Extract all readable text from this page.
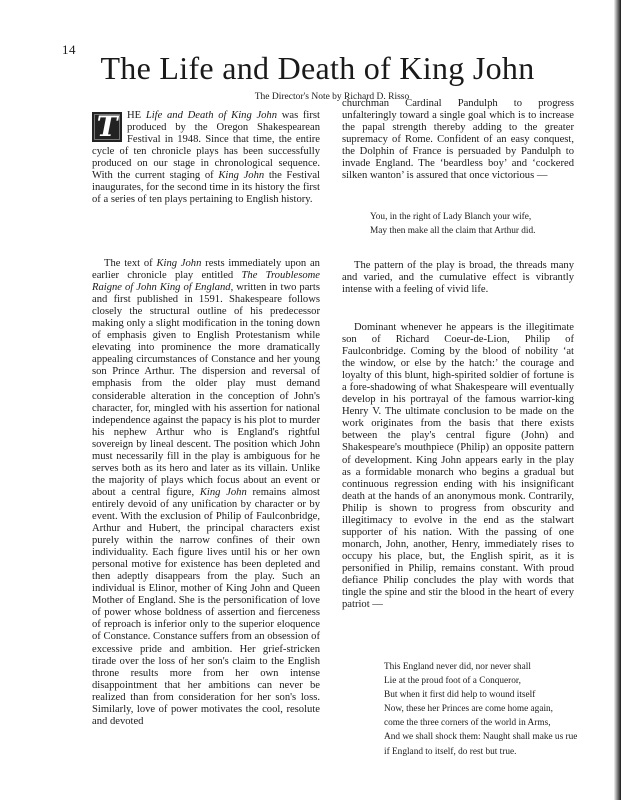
14
The Life and Death of King John
The Director's Note by Richard D. Risso

T HE Life and Death of King John was first produced by the Oregon Shakespearean Festival in 1948. Since that time, the entire cycle of ten chronicle plays has been successfully produced on our stage in chronological sequence. With the current staging of King John the Festival inaugurates, for the second time in its history the first of a series of ten plays pertaining to English history.

The text of King John rests immediately upon an earlier chronicle play entitled The Troublesome Raigne of John King of England, written in two parts and first published in 1591. Shakespeare follows closely the structural outline of his predecessor making only a slight modification in the toning down of emphasis given to English Protestanism while elevating into prominence the more dramatically appealing circumstances of Constance and her young son Prince Arthur. The dispersion and reversal of emphasis from the older play must demand considerable alteration in the conception of John's character, for, mingled with his assertion for national independence against the papacy is his plot to murder his nephew Arthur who is England's rightful sovereign by lineal descent. The position which John must necessarily fill in the play is ambiguous for he serves both as its hero and later as its villain. Unlike the majority of plays which focus about an event or about a central figure, King John remains almost entirely devoid of any unification by character or by event. With the exclusion of Philip of Faulconbridge, Arthur and Hubert, the principal characters exist purely within the narrow confines of their own individuality. Each figure lives until his or her own personal motive for existence has been depleted and then adeptly disappears from the play. Such an individual is Elinor, mother of King John and Queen Mother of England. She is the personification of love of power whose boldness of assertion and fierceness of reproach is inferior only to the superior eloquence of Constance. Constance suffers from an obsession of excessive pride and ambition. Her grief-stricken tirade over the loss of her son's claim to the English throne results more from her own intense disappointment that her ambitions can never be realized than from consideration for her son's loss. Similarly, love of power motivates the cool, resolute and devoted

churchman Cardinal Pandulph to progress unfalteringly toward a single goal which is to increase the papal strength thereby adding to the greater supremacy of Rome. Confident of an easy conquest, the Dolphin of France is persuaded by Pandulph to invade England. The ‘beardless boy’ and ‘cockered silken wanton’ is assured that once victorious —

You, in the right of Lady Blanch your wife,
May then make all the claim that Arthur did.

The pattern of the play is broad, the threads many and varied, and the cumulative effect is vibrantly intense with a feeling of vivid life.

Dominant whenever he appears is the illegitimate son of Richard Coeur-de-Lion, Philip of Faulconbridge. Coming by the blood of nobility ‘at the window, or else by the hatch:’ the courage and loyalty of this blunt, high-spirited soldier of fortune is a fore-shadowing of what Shakespeare will eventually develop in his portrayal of the famous warrior-king Henry V. The ultimate conclusion to be made on the work originates from the basis that there exists between the play's central figure (John) and Shakespeare's mouthpiece (Philip) an opposite pattern of development. King John appears early in the play as a formidable monarch who begins a gradual but continuous regression ending with his insignificant death at the hands of an anonymous monk. Contrarily, Philip is shown to progress from obscurity and illegitimacy to evolve in the end as the stalwart supporter of his nation. With the passing of one monarch, John, another, Henry, immediately rises to occupy his place, but, the English spirit, as it is personified in Philip, remains constant. With proud defiance Philip concludes the play with words that tingle the spine and stir the blood in the heart of every patriot —

This England never did, nor never shall
Lie at the proud foot of a Conqueror,
But when it first did help to wound itself
Now, these her Princes are come home again,
come the three corners of the world in Arms,
And we shall shock them: Naught shall make us rue
if England to itself, do rest but true.
